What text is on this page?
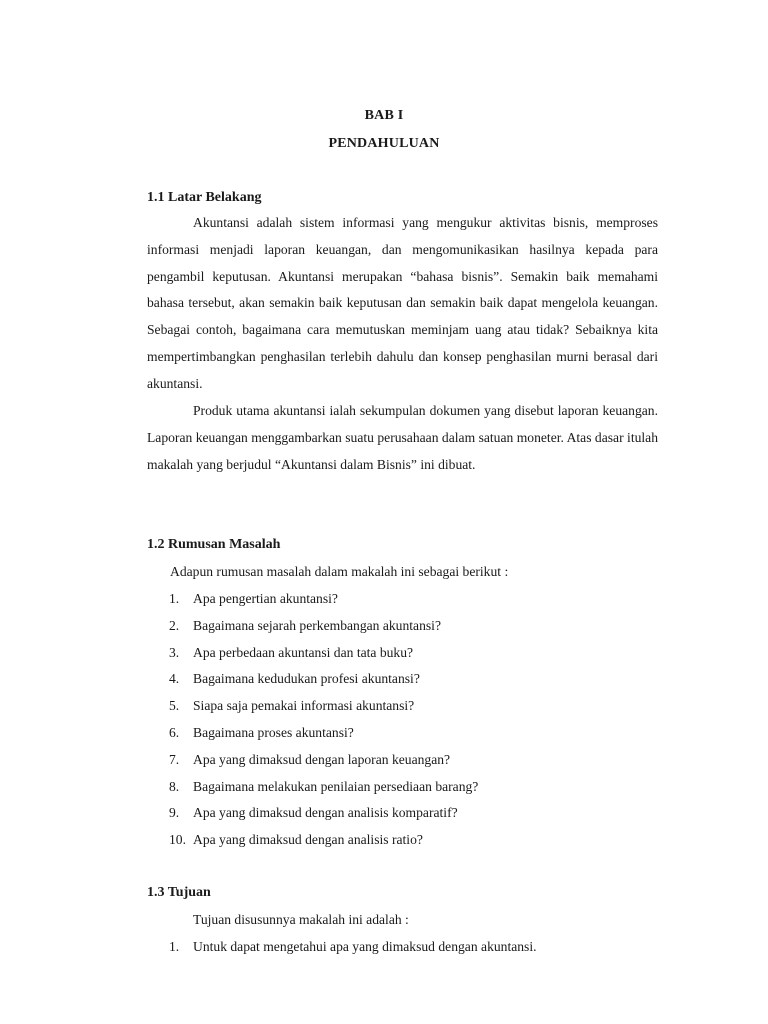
BAB I
PENDAHULUAN
1.1 Latar Belakang

Akuntansi adalah sistem informasi yang mengukur aktivitas bisnis, memproses informasi menjadi laporan keuangan, dan mengomunikasikan hasilnya kepada para pengambil keputusan. Akuntansi merupakan “bahasa bisnis”. Semakin baik memahami bahasa tersebut, akan semakin baik keputusan dan semakin baik dapat mengelola keuangan. Sebagai contoh, bagaimana cara memutuskan meminjam uang atau tidak? Sebaiknya kita mempertimbangkan penghasilan terlebih dahulu dan konsep penghasilan murni berasal dari akuntansi.

Produk utama akuntansi ialah sekumpulan dokumen yang disebut laporan keuangan. Laporan keuangan menggambarkan suatu perusahaan dalam satuan moneter. Atas dasar itulah makalah yang berjudul “Akuntansi dalam Bisnis” ini dibuat.

1.2 Rumusan Masalah
Adapun rumusan masalah dalam makalah ini sebagai berikut :
1. Apa pengertian akuntansi?
2. Bagaimana sejarah perkembangan akuntansi?
3. Apa perbedaan akuntansi dan tata buku?
4. Bagaimana kedudukan profesi akuntansi?
5. Siapa saja pemakai informasi akuntansi?
6. Bagaimana proses akuntansi?
7. Apa yang dimaksud dengan laporan keuangan?
8. Bagaimana melakukan penilaian persediaan barang?
9. Apa yang dimaksud dengan analisis komparatif?
10. Apa yang dimaksud dengan analisis ratio?
1.3 Tujuan
Tujuan disusunnya makalah ini adalah :
1. Untuk dapat mengetahui apa yang dimaksud dengan akuntansi.
